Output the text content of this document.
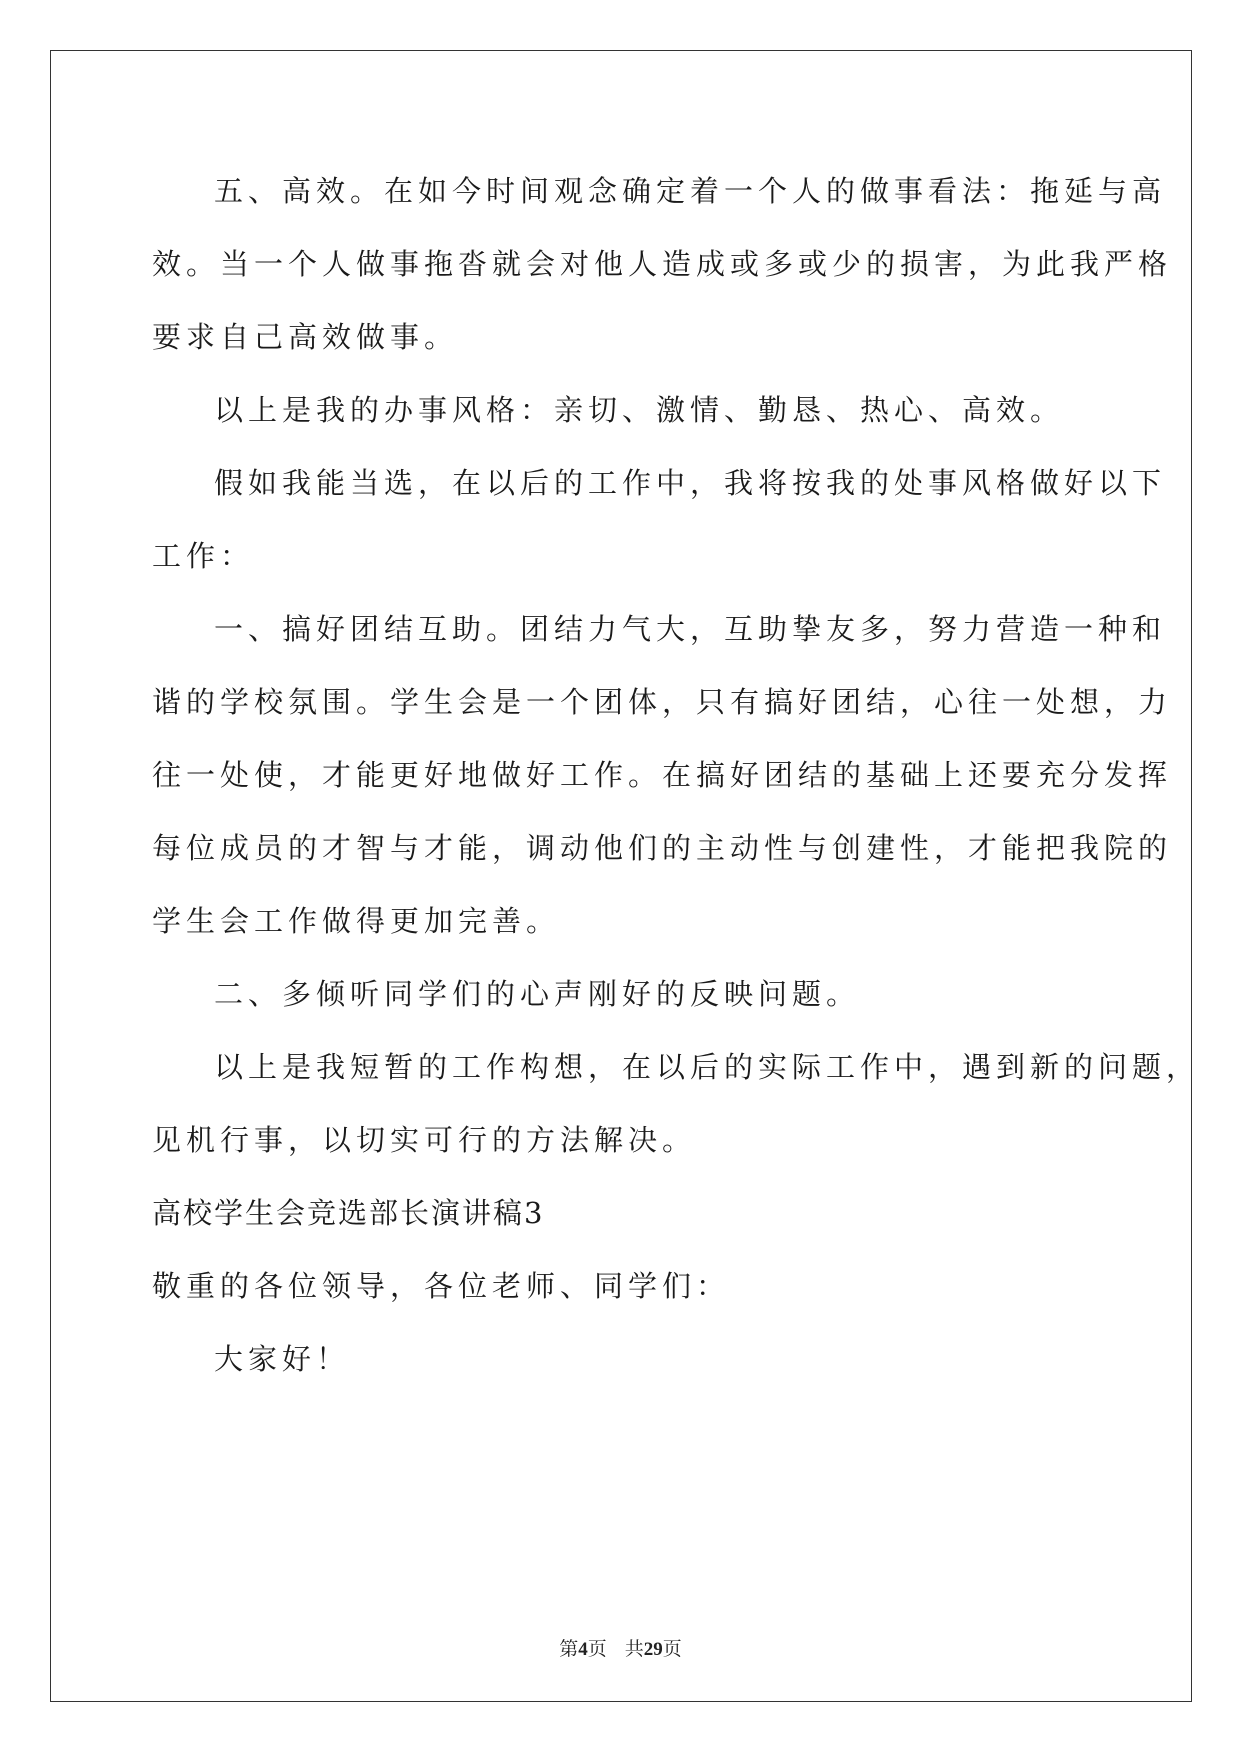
五、高效。在如今时间观念确定着一个人的做事看法：拖延与高
效。当一个人做事拖沓就会对他人造成或多或少的损害，为此我严格
要求自己高效做事。
以上是我的办事风格：亲切、激情、勤恳、热心、高效。
假如我能当选，在以后的工作中，我将按我的处事风格做好以下
工作：
一、搞好团结互助。团结力气大，互助挚友多，努力营造一种和
谐的学校氛围。学生会是一个团体，只有搞好团结，心往一处想，力
往一处使，才能更好地做好工作。在搞好团结的基础上还要充分发挥
每位成员的才智与才能，调动他们的主动性与创建性，才能把我院的
学生会工作做得更加完善。
二、多倾听同学们的心声刚好的反映问题。
以上是我短暂的工作构想，在以后的实际工作中，遇到新的问题，
见机行事，以切实可行的方法解决。
高校学生会竞选部长演讲稿3
敬重的各位领导，各位老师、同学们：
大家好！
第4页 共29页
